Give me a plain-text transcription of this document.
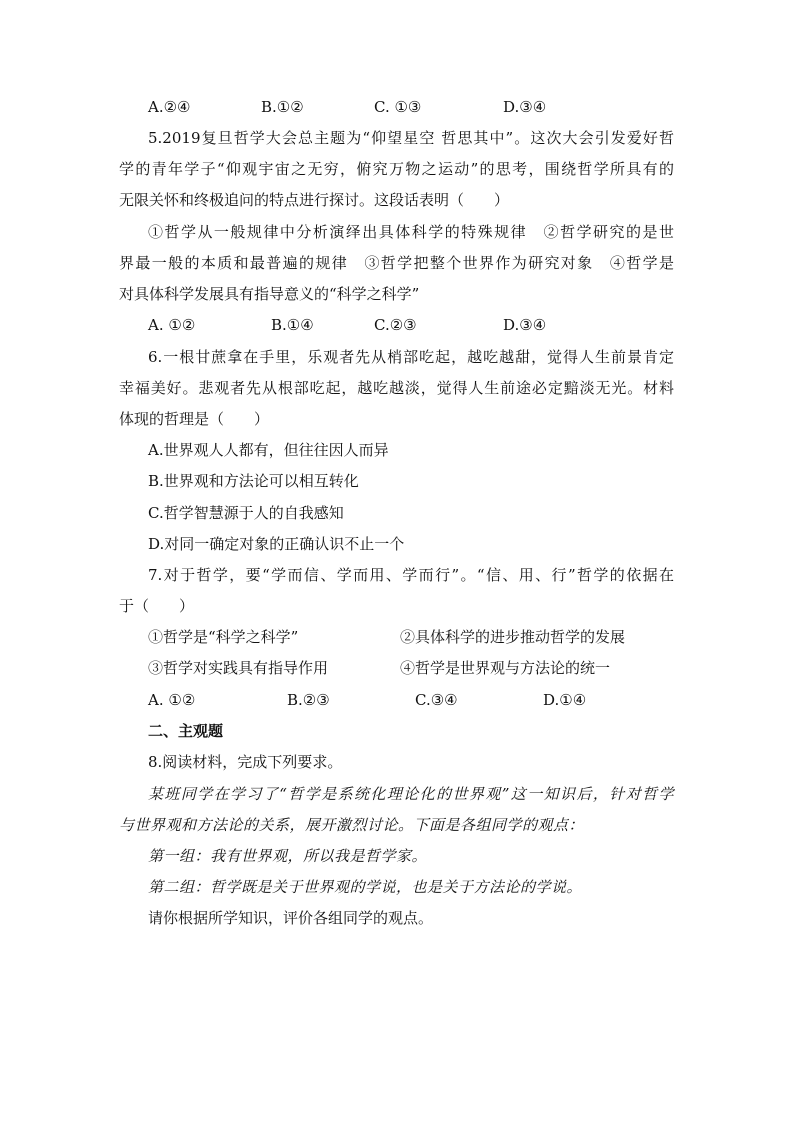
A.②④	B.①②	C. ①③	D.③④
5.2019复旦哲学大会总主题为“仰望星空 哲思其中”。这次大会引发爱好哲
学的青年学子“仰观宇宙之无穷，俯究万物之运动”的思考，围绕哲学所具有的
无限关怀和终极追问的特点进行探讨。这段话表明（　　）
①哲学从一般规律中分析演绎出具体科学的特殊规律　②哲学研究的是世
界最一般的本质和最普遍的规律　③哲学把整个世界作为研究对象　④哲学是
对具体科学发展具有指导意义的“科学之科学”
A. ①②	B.①④	C.②③	D.③④
6.一根甘蔗拿在手里，乐观者先从梢部吃起，越吃越甜，觉得人生前景肯定
幸福美好。悲观者先从根部吃起，越吃越淡，觉得人生前途必定黯淡无光。材料
体现的哲理是（　　）
A.世界观人人都有，但往往因人而异
B.世界观和方法论可以相互转化
C.哲学智慧源于人的自我感知
D.对同一确定对象的正确认识不止一个
7.对于哲学，要“学而信、学而用、学而行”。“信、用、行”哲学的依据在
于（　　）
①哲学是“科学之科学”	②具体科学的进步推动哲学的发展
③哲学对实践具有指导作用	④哲学是世界观与方法论的统一
A. ①②	B.②③	C.③④	D.①④
二、主观题
8.阅读材料，完成下列要求。
某班同学在学习了“哲学是系统化理论化的世界观”这一知识后，针对哲学
与世界观和方法论的关系，展开激烈讨论。下面是各组同学的观点：
第一组：我有世界观，所以我是哲学家。
第二组：哲学既是关于世界观的学说，也是关于方法论的学说。
请你根据所学知识，评价各组同学的观点。
